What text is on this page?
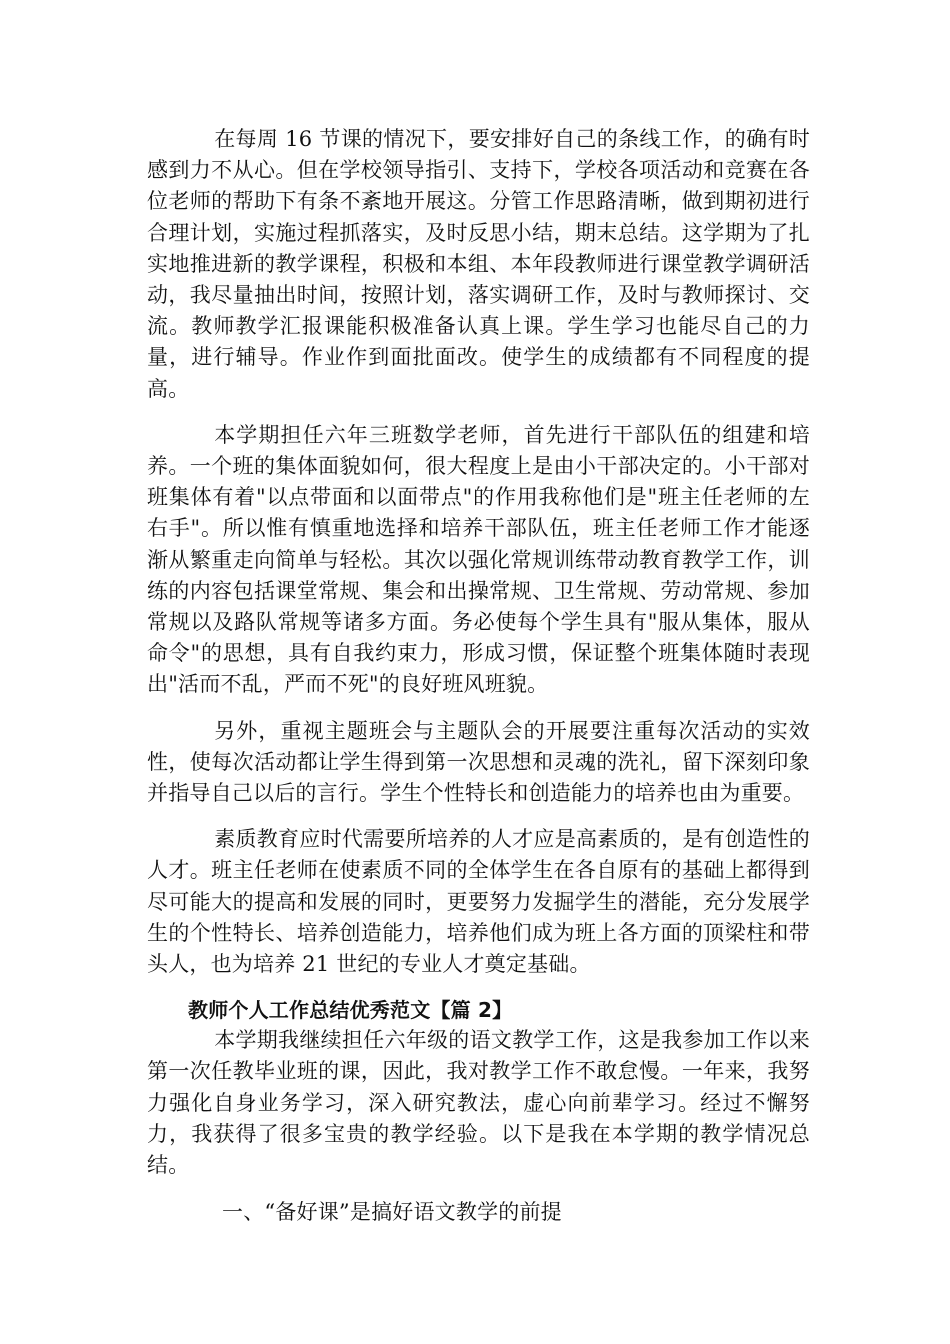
在每周 16 节课的情况下，要安排好自己的条线工作，的确有时感到力不从心。但在学校领导指引、支持下，学校各项活动和竞赛在各位老师的帮助下有条不紊地开展这。分管工作思路清晰，做到期初进行合理计划，实施过程抓落实，及时反思小结，期末总结。这学期为了扎实地推进新的教学课程，积极和本组、本年段教师进行课堂教学调研活动，我尽量抽出时间，按照计划，落实调研工作，及时与教师探讨、交流。教师教学汇报课能积极准备认真上课。学生学习也能尽自己的力量，进行辅导。作业作到面批面改。使学生的成绩都有不同程度的提高。

本学期担任六年三班数学老师，首先进行干部队伍的组建和培养。一个班的集体面貌如何，很大程度上是由小干部决定的。小干部对班集体有着"以点带面和以面带点"的作用我称他们是"班主任老师的左右手"。所以惟有慎重地选择和培养干部队伍，班主任老师工作才能逐渐从繁重走向简单与轻松。其次以强化常规训练带动教育教学工作，训练的内容包括课堂常规、集会和出操常规、卫生常规、劳动常规、参加常规以及路队常规等诸多方面。务必使每个学生具有"服从集体，服从命令"的思想，具有自我约束力，形成习惯，保证整个班集体随时表现出"活而不乱，严而不死"的良好班风班貌。

另外，重视主题班会与主题队会的开展要注重每次活动的实效性，使每次活动都让学生得到第一次思想和灵魂的洗礼，留下深刻印象并指导自己以后的言行。学生个性特长和创造能力的培养也由为重要。

素质教育应时代需要所培养的人才应是高素质的，是有创造性的人才。班主任老师在使素质不同的全体学生在各自原有的基础上都得到尽可能大的提高和发展的同时，更要努力发掘学生的潜能，充分发展学生的个性特长、培养创造能力，培养他们成为班上各方面的顶梁柱和带头人，也为培养 21 世纪的专业人才奠定基础。

教师个人工作总结优秀范文【篇 2】

本学期我继续担任六年级的语文教学工作，这是我参加工作以来第一次任教毕业班的课，因此，我对教学工作不敢怠慢。一年来，我努力强化自身业务学习，深入研究教法，虚心向前辈学习。经过不懈努力，我获得了很多宝贵的教学经验。以下是我在本学期的教学情况总结。

一、“备好课”是搞好语文教学的前提
